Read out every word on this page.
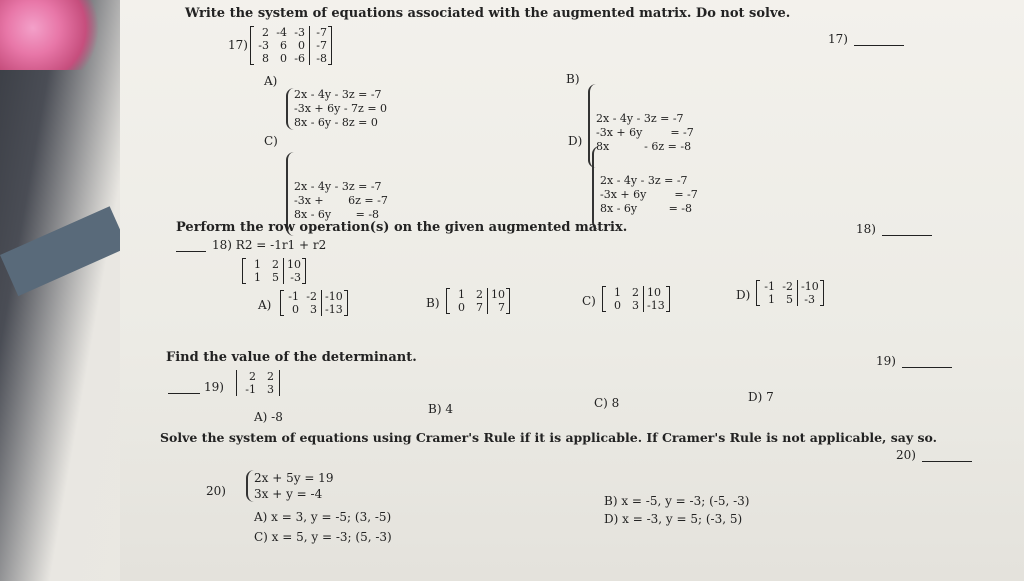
Write the system of equations associated with the augmented matrix. Do not solve.
17)	17)
2 -4 -3	-7
-3	6	0	-7
8	0 -6	-8
A)
2x - 4y - 3z = -7
-3x + 6y - 7z = 0
8x - 6y - 8z = 0
B)

2x - 4y - 3z = -7
-3x + 6y        = -7
8x          - 6z = -8

C)

2x - 4y - 3z = -7
-3x +       6z = -7
8x - 6y       = -8

D)

2x - 4y - 3z = -7
-3x + 6y        = -7
8x - 6y         = -8

Perform the row operation(s) on the given augmented matrix.
18) R2 = -1r1 + r2
18)
1	2 10
1	5	-3
A)
-1 -2 -10
0	3 -13	B)
1	2 10
0	7	7	C)
1	2 10
0	3 -13
D)
-1 -2 -10
1	5	-3
Find the value of the determinant.	19)
19)
2	2
-1	3
A) -8
B) 4	C) 8	D) 7
Solve the system of equations using Cramer's Rule if it is applicable. If Cramer's Rule is not applicable, say so.
20)
20)
2x + 5y = 19
3x + y = -4
A) x = 3, y = -5; (3, -5)
B) x = -5, y = -3; (-5, -3)
C) x = 5, y = -3; (5, -3)
D) x = -3, y = 5; (-3, 5)
